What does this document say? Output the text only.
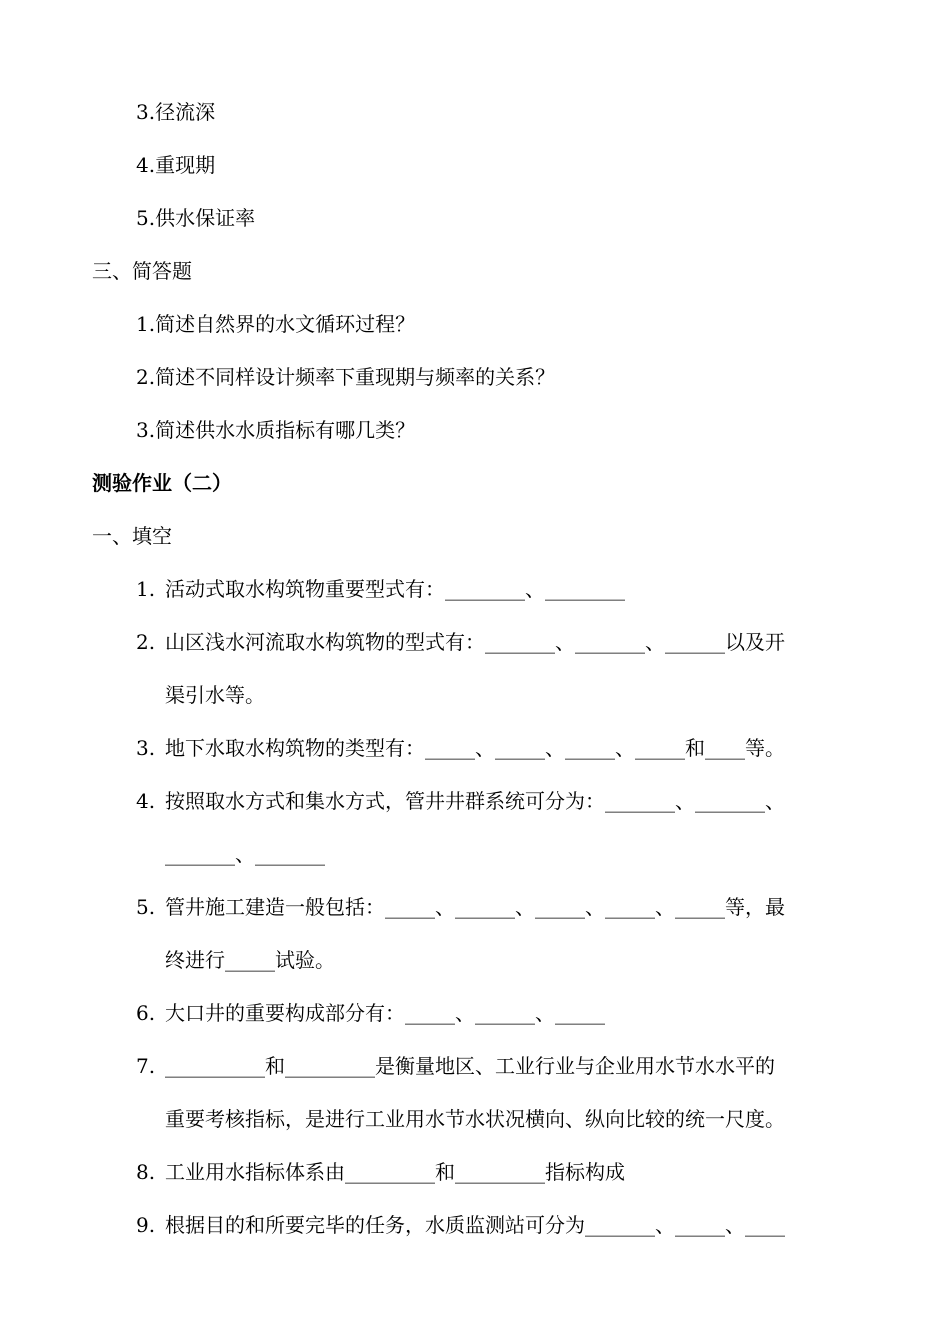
3.径流深
4.重现期
5.供水保证率
三、简答题
1.简述自然界的水文循环过程？
2.简述不同样设计频率下重现期与频率的关系？
3.简述供水水质指标有哪几类？
测验作业（二）
一、填空
1. 活动式取水构筑物重要型式有：________、________
2. 山区浅水河流取水构筑物的型式有：_______、_______、______以及开
渠引水等。
3. 地下水取水构筑物的类型有：_____、_____、_____、_____和____等。
4. 按照取水方式和集水方式，管井井群系统可分为：_______、_______、
_______、_______
5. 管井施工建造一般包括：_____、______、_____、_____、_____等，最
终进行_____试验。
6. 大口井的重要构成部分有：_____、______、_____
7. __________和_________是衡量地区、工业行业与企业用水节水水平的
重要考核指标，是进行工业用水节水状况横向、纵向比较的统一尺度。
8. 工业用水指标体系由_________和_________指标构成
9. 根据目的和所要完毕的任务，水质监测站可分为_______、_____、____
